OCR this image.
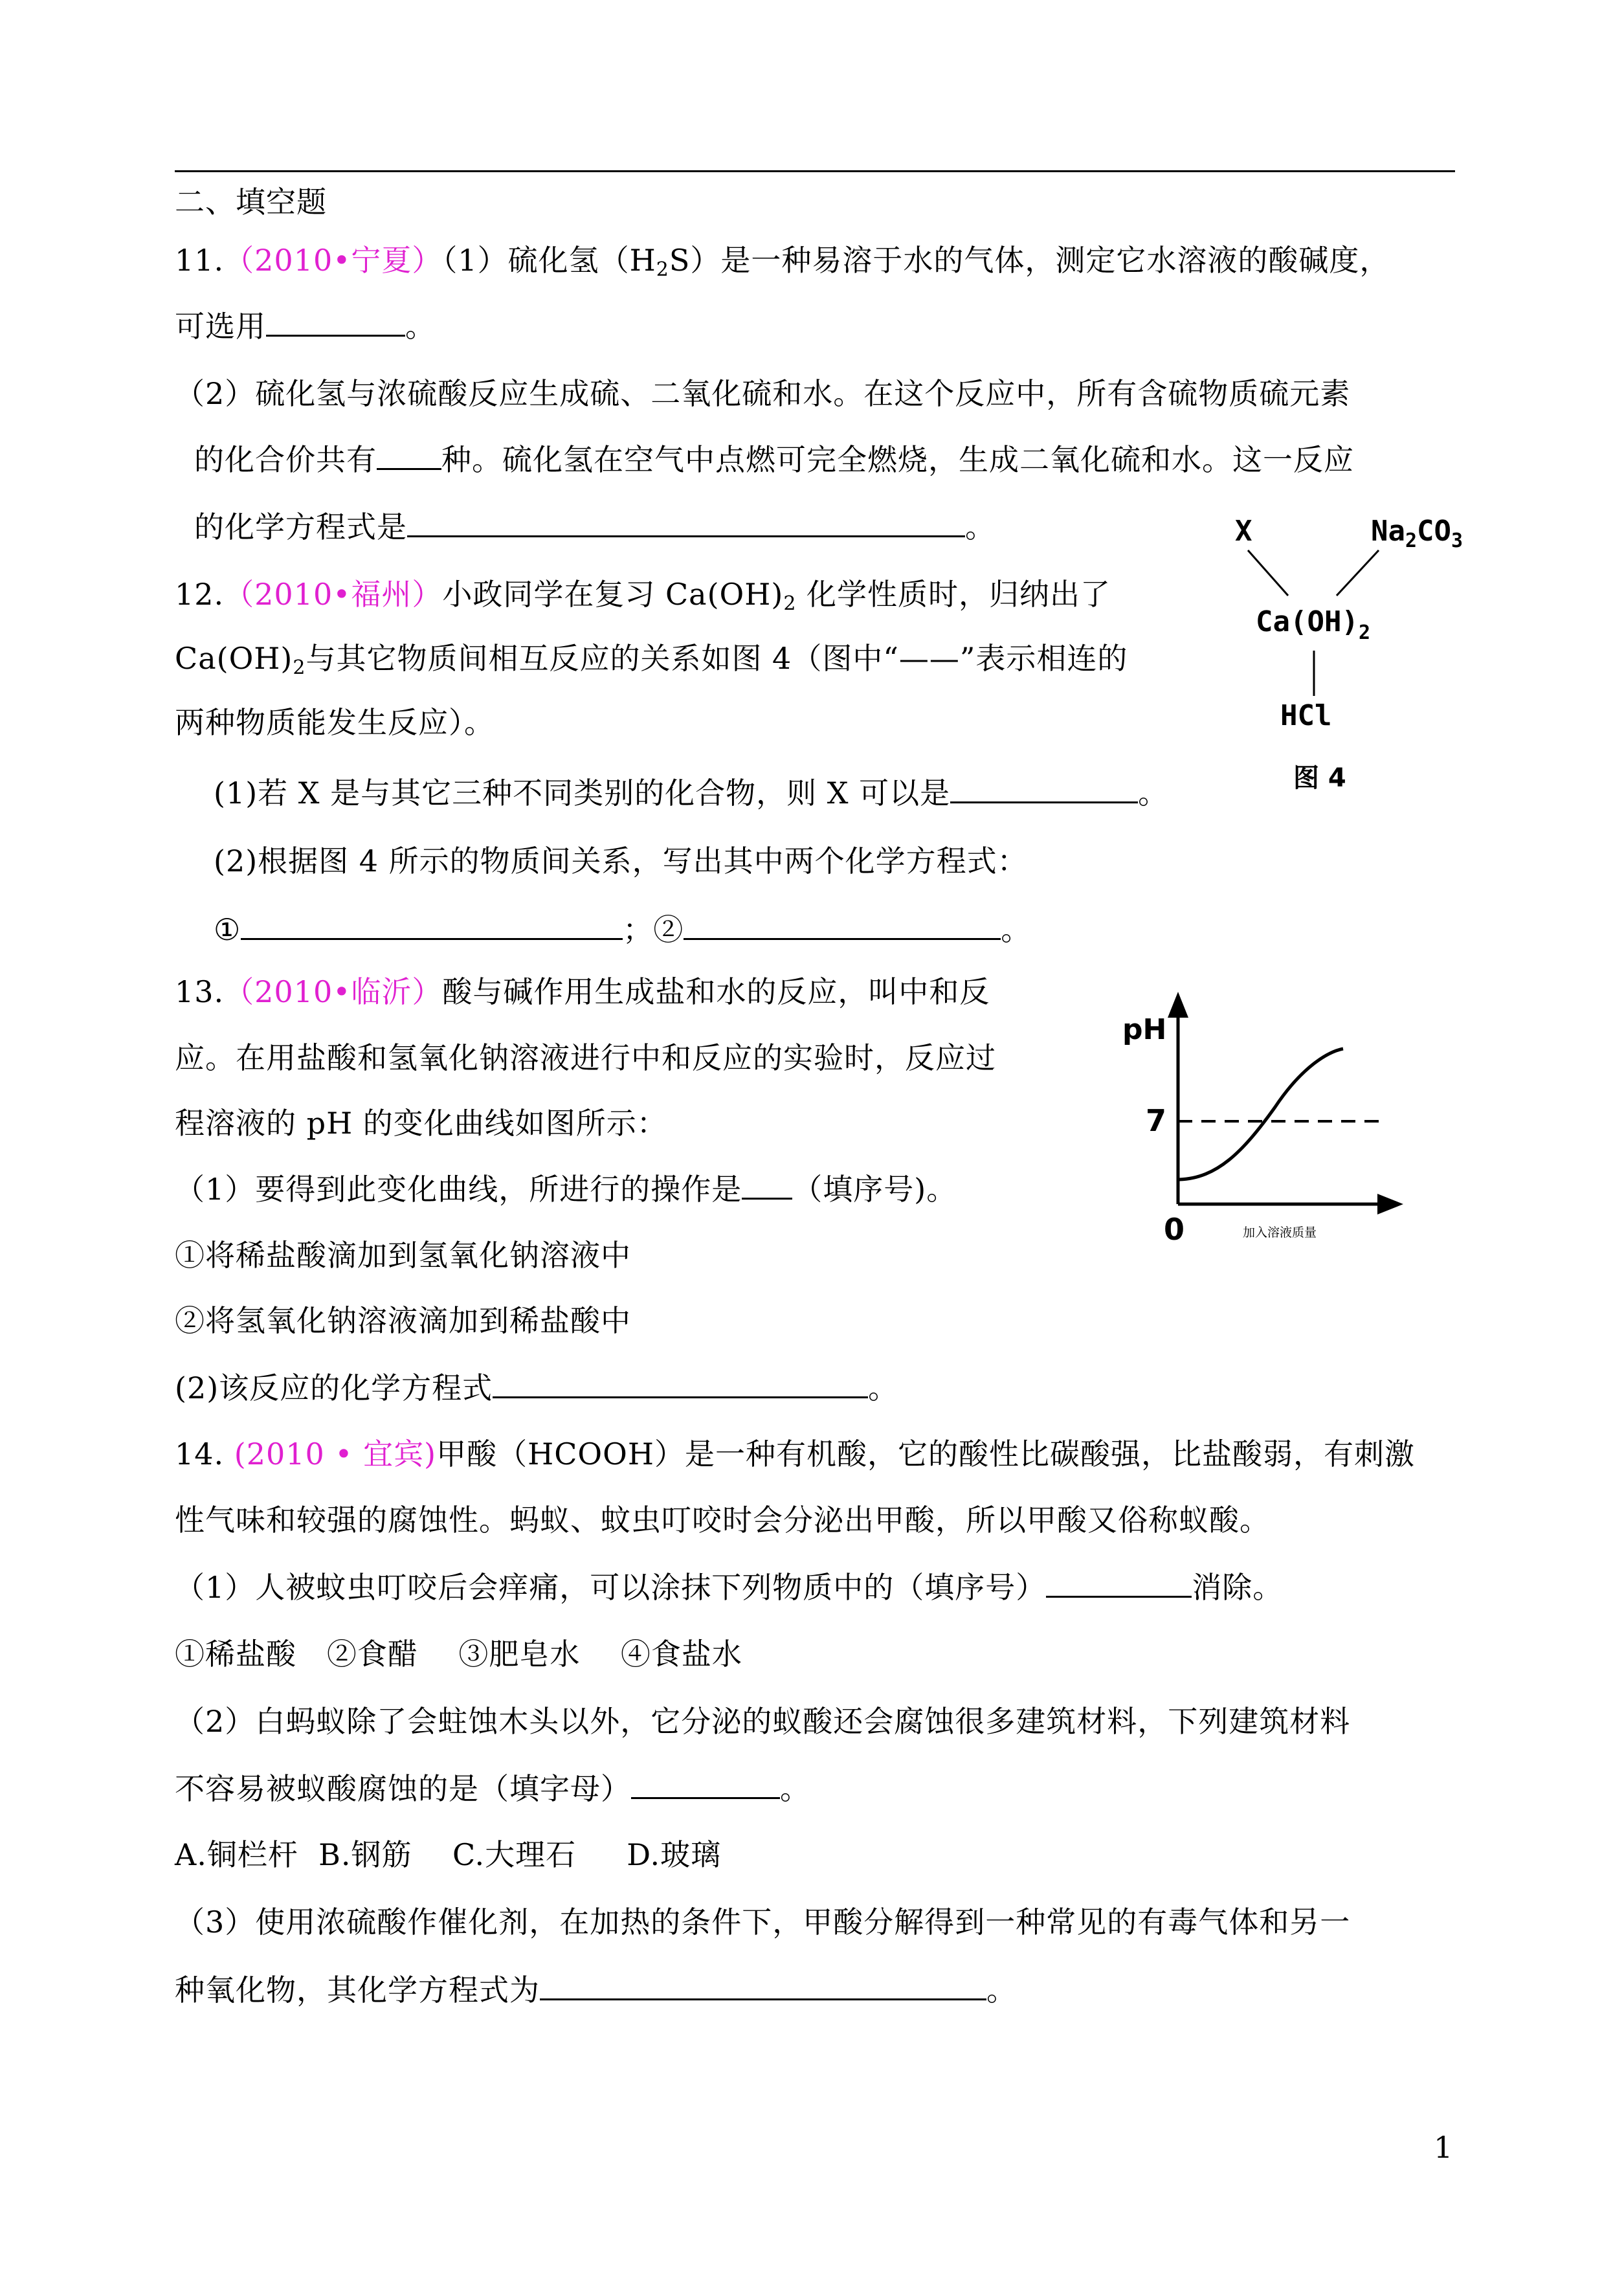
二、填空题
11.（2010•宁夏）（1）硫化氢$(H_2S)$是一种易溶于水的气体，测定它水溶液的酸碱度，
可选用	。
（2）硫化氢与浓硫酸反应生成硫、二氧化硫和水。在这个反应中，所有含硫物质硫元素
的化合价共有 种。硫化氢在空气中点燃可完全燃烧，生成二氧化硫和水。这一反应
的化学方程式是	。	X	$Na_2CO_3$
$Ca(OH)_2$
HCl
图 4
12.（2010•福州）小政同学在复习 $Ca(OH)_2$ 化学性质时，归纳出了
$Ca(OH)_2$与其它物质间相互反应的关系如图 4（图中“——”表示相连的
两种物质能发生反应）。
(1)若 X 是与其它三种不同类别的化合物，则 X 可以是	。
(2)根据图 4 所示的物质间关系，写出其中两个化学方程式：
①	；②	。
pH
7
0	加入溶液质量
13.（2010•临沂）酸与碱作用生成盐和水的反应，叫中和反
应。在用盐酸和氢氧化钠溶液进行中和反应的实验时，反应过
程溶液的 pH 的变化曲线如图所示：
（1）要得到此变化曲线，所进行的操作是 （填序号)。
①将稀盐酸滴加到氢氧化钠溶液中
②将氢氧化钠溶液滴加到稀盐酸中
(2)该反应的化学方程式	。
14. (2010 • 宜宾)甲酸（HCOOH）是一种有机酸，它的酸性比碳酸强，比盐酸弱，有刺激
性气味和较强的腐蚀性。蚂蚁、蚊虫叮咬时会分泌出甲酸，所以甲酸又俗称蚁酸。
（1）人被蚊虫叮咬后会痒痛，可以涂抹下列物质中的（填序号）	消除。
①稀盐酸   ②食醋    ③肥皂水    ④食盐水
（2）白蚂蚁除了会蛀蚀木头以外，它分泌的蚁酸还会腐蚀很多建筑材料，下列建筑材料
不容易被蚁酸腐蚀的是（填字母）	。
A.铜栏杆  B.钢筋    C.大理石     D.玻璃
（3）使用浓硫酸作催化剂，在加热的条件下，甲酸分解得到一种常见的有毒气体和另一
种氧化物，其化学方程式为	。
1
